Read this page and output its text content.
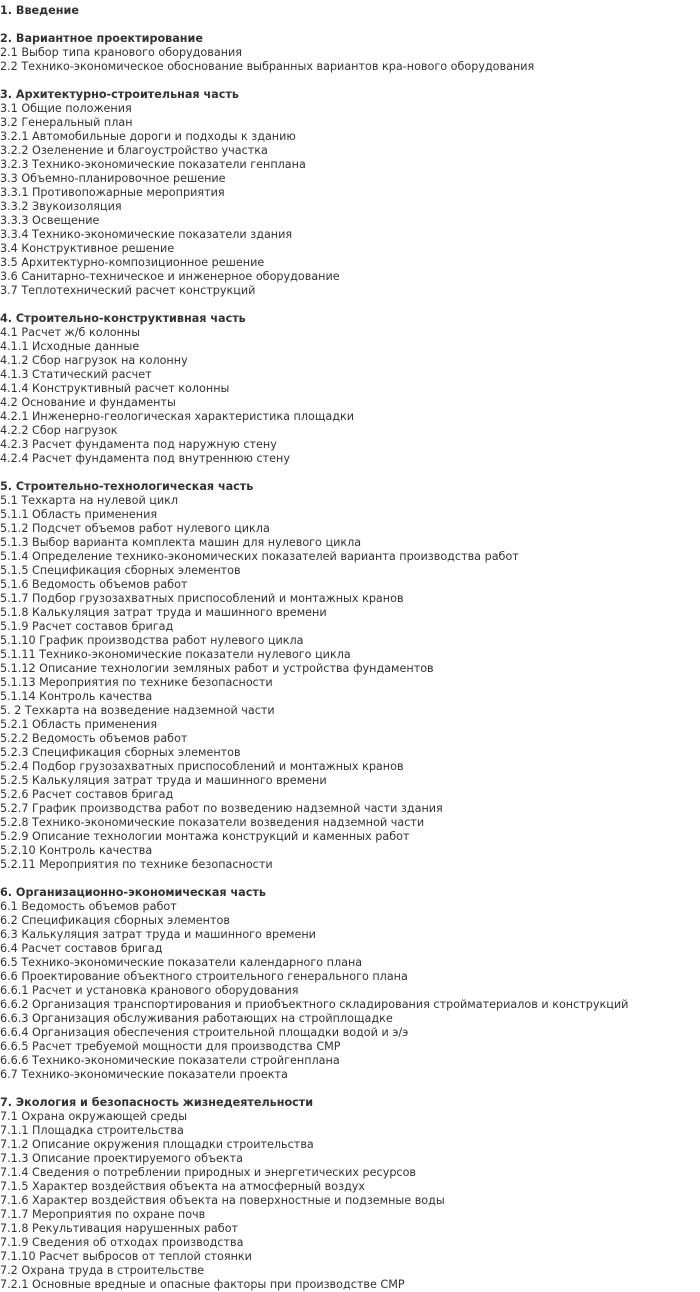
1. Введение
2. Вариантное проектирование
2.1 Выбор типа кранового оборудования
2.2 Технико-экономическое обоснование выбранных вариантов кра-нового оборудования
3. Архитектурно-строительная часть
3.1 Общие положения
3.2 Генеральный план
3.2.1 Автомобильные дороги и подходы к зданию
3.2.2 Озеленение и благоустройство участка
3.2.3 Технико-экономические показатели генплана
3.3 Объемно-планировочное решение
3.3.1 Противопожарные мероприятия
3.3.2 Звукоизоляция
3.3.3 Освещение
3.3.4 Технико-экономические показатели здания
3.4 Конструктивное решение
3.5 Архитектурно-композиционное решение
3.6 Санитарно-техническое и инженерное оборудование
3.7 Теплотехнический расчет конструкций
4. Строительно-конструктивная часть
4.1 Расчет ж/б колонны
4.1.1 Исходные данные
4.1.2 Сбор нагрузок на колонну
4.1.3 Статический расчет
4.1.4 Конструктивный расчет колонны
4.2 Основание и фундаменты
4.2.1 Инженерно-геологическая характеристика площадки
4.2.2 Сбор нагрузок
4.2.3 Расчет фундамента под наружную стену
4.2.4 Расчет фундамента под внутреннюю стену
5. Строительно-технологическая часть
5.1 Техкарта на нулевой цикл
5.1.1 Область применения
5.1.2 Подсчет объемов работ нулевого цикла
5.1.3 Выбор варианта комплекта машин для нулевого цикла
5.1.4 Определение технико-экономических показателей варианта производства работ
5.1.5 Спецификация сборных элементов
5.1.6 Ведомость объемов работ
5.1.7 Подбор грузозахватных приспособлений и монтажных кранов
5.1.8 Калькуляция затрат труда и машинного времени
5.1.9 Расчет составов бригад
5.1.10 График производства работ нулевого цикла
5.1.11 Технико-экономические показатели нулевого цикла
5.1.12 Описание технологии земляных работ и устройства фундаментов
5.1.13 Мероприятия по технике безопасности
5.1.14 Контроль качества
5. 2 Техкарта на возведение надземной части
5.2.1 Область применения
5.2.2 Ведомость объемов работ
5.2.3 Спецификация сборных элементов
5.2.4 Подбор грузозахватных приспособлений и монтажных кранов
5.2.5 Калькуляция затрат труда и машинного времени
5.2.6 Расчет составов бригад
5.2.7 График производства работ по возведению надземной части здания
5.2.8 Технико-экономические показатели возведения надземной части
5.2.9 Описание технологии монтажа конструкций и каменных работ
5.2.10 Контроль качества
5.2.11 Мероприятия по технике безопасности
6. Организационно-экономическая часть
6.1 Ведомость объемов работ
6.2 Спецификация сборных элементов
6.3 Калькуляция затрат труда и машинного времени
6.4 Расчет составов бригад
6.5 Технико-экономические показатели календарного плана
6.6 Проектирование объектного строительного генерального плана
6.6.1 Расчет и установка кранового оборудования
6.6.2 Организация транспортирования и приобъектного складирования стройматериалов и конструкций
6.6.3 Организация обслуживания работающих на стройплощадке
6.6.4 Организация обеспечения строительной площадки водой и э/э
6.6.5 Расчет требуемой мощности для производства СМР
6.6.6 Технико-экономические показатели стройгенплана
6.7 Технико-экономические показатели проекта
7. Экология и безопасность жизнедеятельности
7.1 Охрана окружающей среды
7.1.1 Площадка строительства
7.1.2 Описание окружения площадки строительства
7.1.3 Описание проектируемого объекта
7.1.4 Сведения о потреблении природных и энергетических ресурсов
7.1.5 Характер воздействия объекта на атмосферный воздух
7.1.6 Характер воздействия объекта на поверхностные и подземные воды
7.1.7 Мероприятия по охране почв
7.1.8 Рекультивация нарушенных работ
7.1.9 Сведения об отходах производства
7.1.10 Расчет выбросов от теплой стоянки
7.2 Охрана труда в строительстве
7.2.1 Основные вредные и опасные факторы при производстве СМР
